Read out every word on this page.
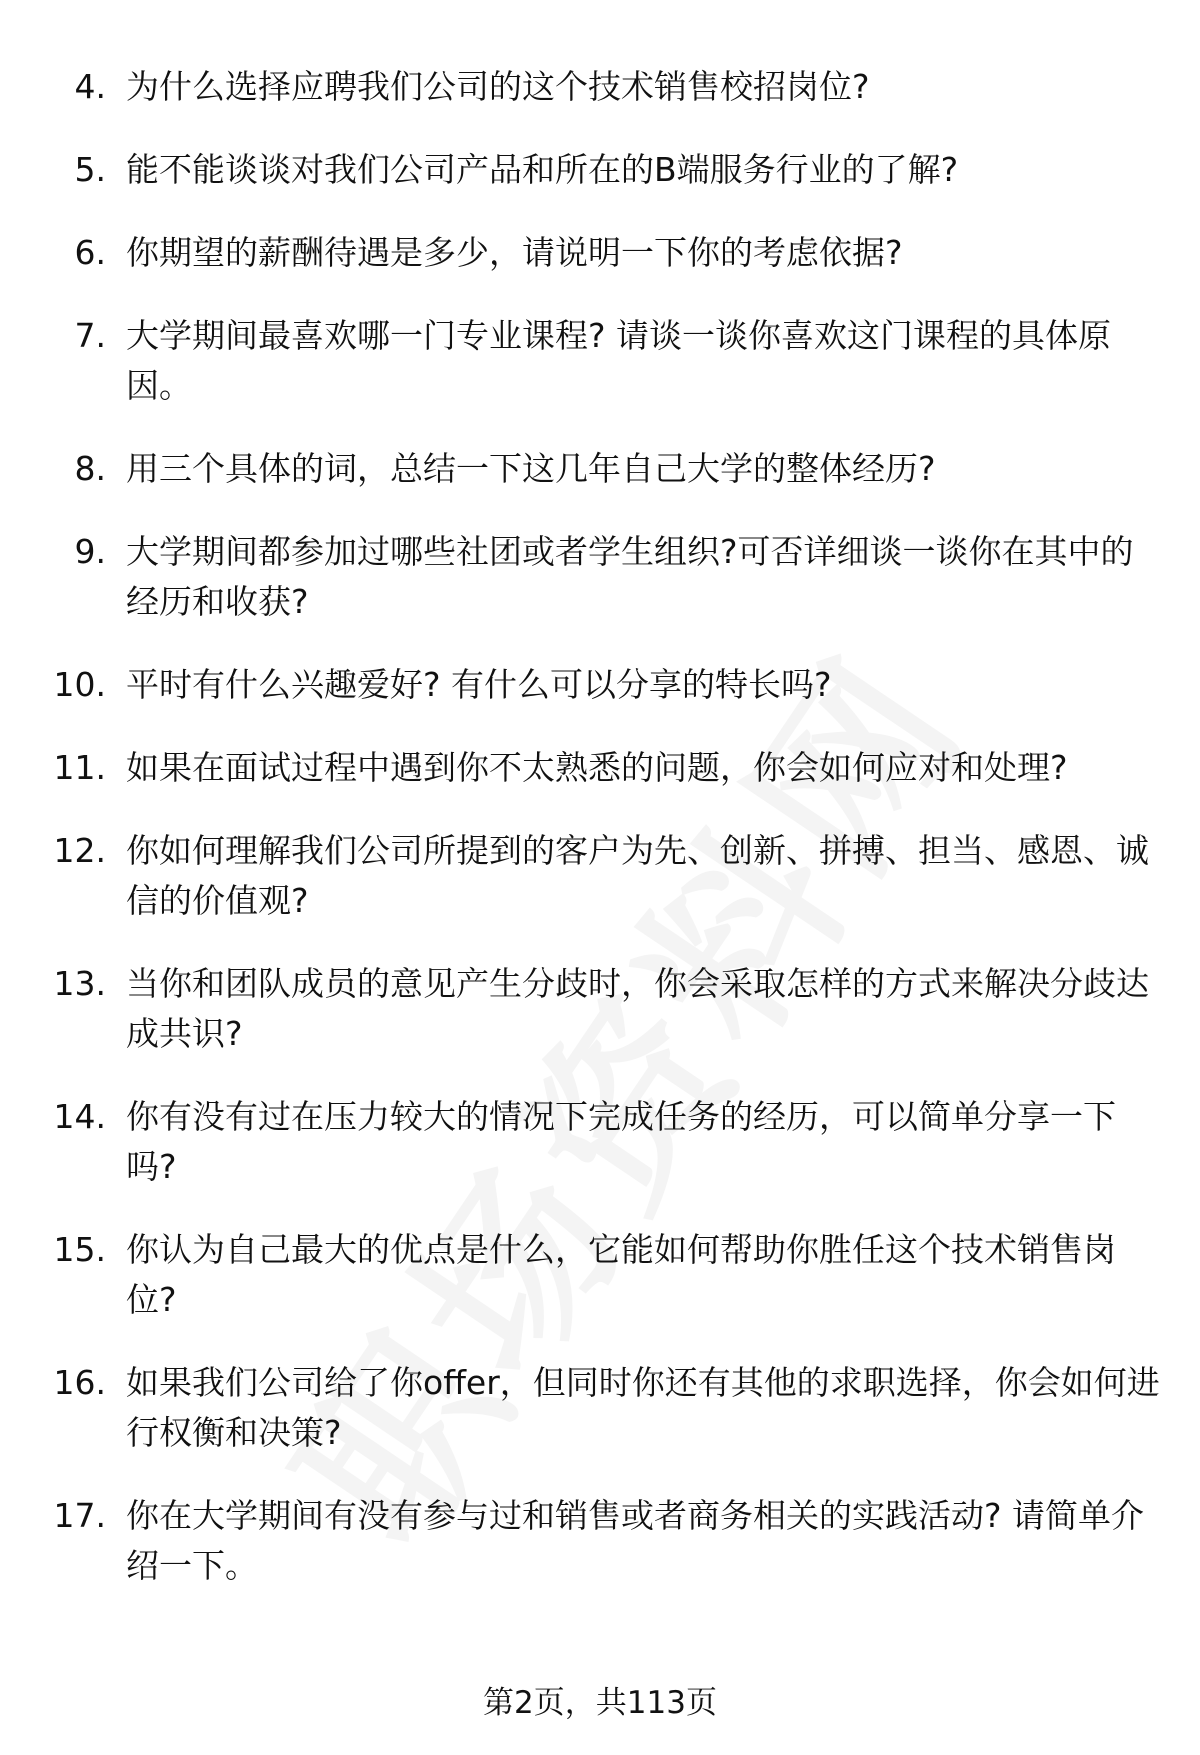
4. 为什么选择应聘我们公司的这个技术销售校招岗位?
5. 能不能谈谈对我们公司产品和所在的B端服务行业的了解?
6. 你期望的薪酬待遇是多少，请说明一下你的考虑依据?
7. 大学期间最喜欢哪一门专业课程? 请谈一谈你喜欢这门课程的具体原因。
8. 用三个具体的词，总结一下这几年自己大学的整体经历?
9. 大学期间都参加过哪些社团或者学生组织?可否详细谈一谈你在其中的经历和收获?
10. 平时有什么兴趣爱好? 有什么可以分享的特长吗?
11. 如果在面试过程中遇到你不太熟悉的问题，你会如何应对和处理?
12. 你如何理解我们公司所提到的客户为先、创新、拼搏、担当、感恩、诚信的价值观?
13. 当你和团队成员的意见产生分歧时，你会采取怎样的方式来解决分歧达成共识?
14. 你有没有过在压力较大的情况下完成任务的经历，可以简单分享一下吗?
15. 你认为自己最大的优点是什么，它能如何帮助你胜任这个技术销售岗位?
16. 如果我们公司给了你offer，但同时你还有其他的求职选择，你会如何进行权衡和决策?
17. 你在大学期间有没有参与过和销售或者商务相关的实践活动? 请简单介绍一下。
第2页，共113页
